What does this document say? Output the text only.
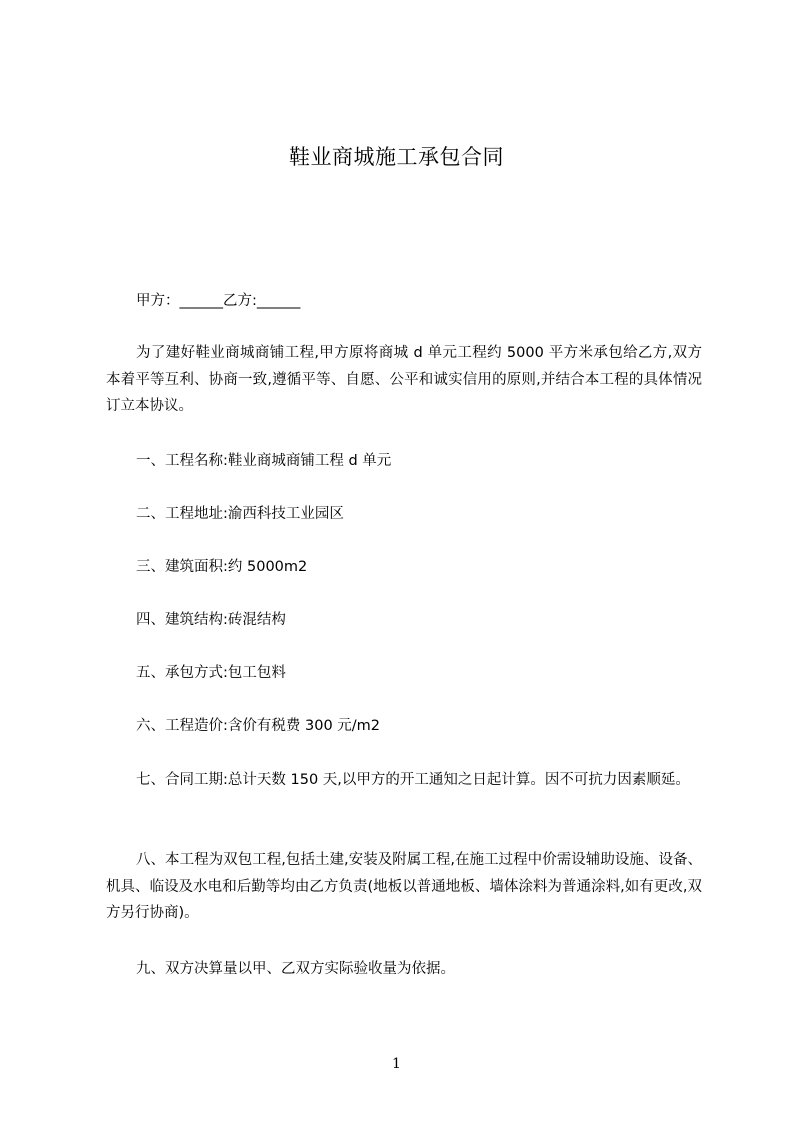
鞋业商城施工承包合同
甲方：______乙方:______
为了建好鞋业商城商铺工程,甲方原将商城 d 单元工程约 5000 平方米承包给乙方,双方本着平等互利、协商一致,遵循平等、自愿、公平和诚实信用的原则,并结合本工程的具体情况订立本协议。
一、工程名称:鞋业商城商铺工程 d 单元
二、工程地址:渝西科技工业园区
三、建筑面积:约 5000m2
四、建筑结构:砖混结构
五、承包方式:包工包料
六、工程造价:含价有税费 300 元/m2
七、合同工期:总计天数 150 天,以甲方的开工通知之日起计算。因不可抗力因素顺延。
八、本工程为双包工程,包括土建,安装及附属工程,在施工过程中价需设辅助设施、设备、机具、临设及水电和后勤等均由乙方负责(地板以普通地板、墙体涂料为普通涂料,如有更改,双方另行协商)。
九、双方决算量以甲、乙双方实际验收量为依据。
1
